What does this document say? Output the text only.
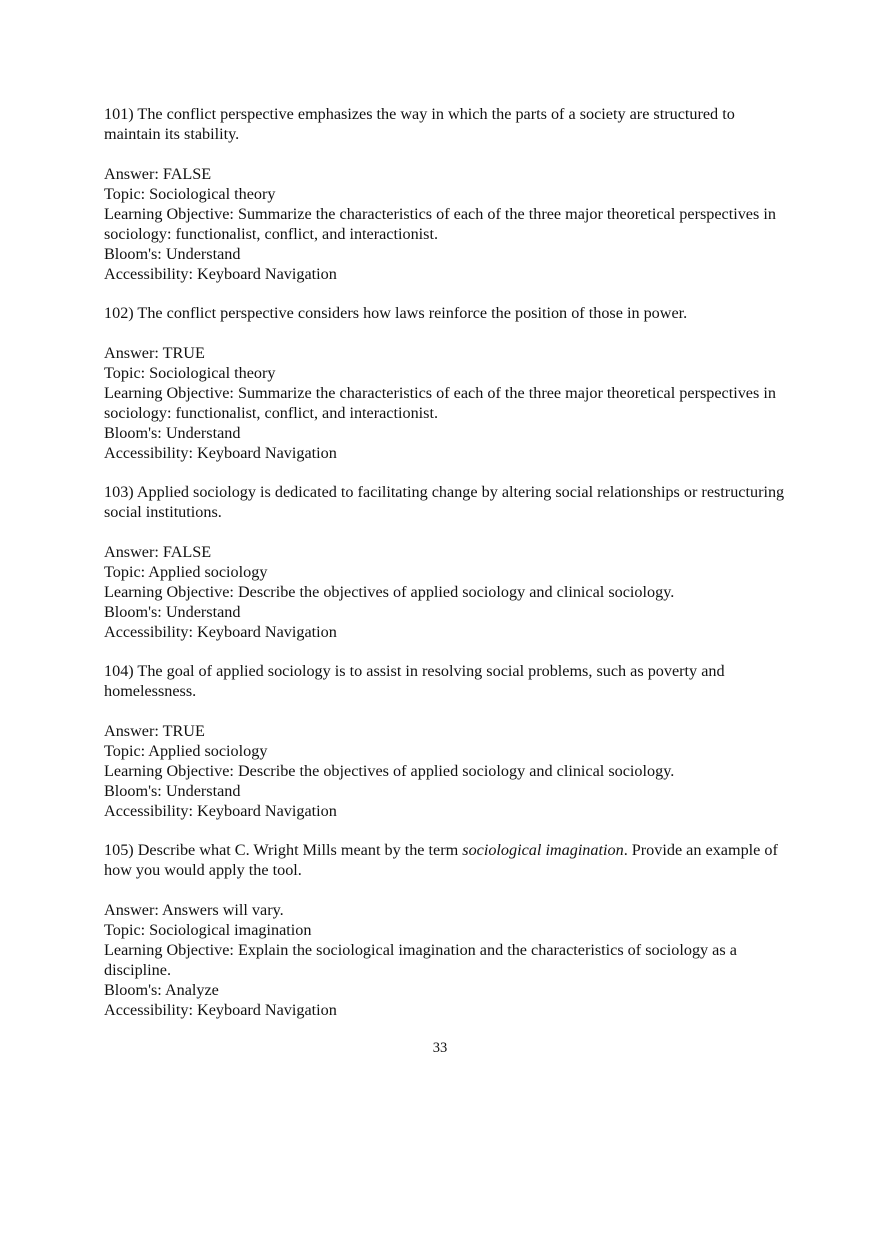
101) The conflict perspective emphasizes the way in which the parts of a society are structured to maintain its stability.

Answer: FALSE
Topic: Sociological theory
Learning Objective: Summarize the characteristics of each of the three major theoretical perspectives in sociology: functionalist, conflict, and interactionist.
Bloom's: Understand
Accessibility: Keyboard Navigation

102) The conflict perspective considers how laws reinforce the position of those in power.

Answer: TRUE
Topic: Sociological theory
Learning Objective: Summarize the characteristics of each of the three major theoretical perspectives in sociology: functionalist, conflict, and interactionist.
Bloom's: Understand
Accessibility: Keyboard Navigation

103) Applied sociology is dedicated to facilitating change by altering social relationships or restructuring social institutions.

Answer: FALSE
Topic: Applied sociology
Learning Objective: Describe the objectives of applied sociology and clinical sociology.
Bloom's: Understand
Accessibility: Keyboard Navigation

104) The goal of applied sociology is to assist in resolving social problems, such as poverty and homelessness.

Answer: TRUE
Topic: Applied sociology
Learning Objective: Describe the objectives of applied sociology and clinical sociology.
Bloom's: Understand
Accessibility: Keyboard Navigation

105) Describe what C. Wright Mills meant by the term sociological imagination. Provide an example of how you would apply the tool.

Answer: Answers will vary.
Topic: Sociological imagination
Learning Objective: Explain the sociological imagination and the characteristics of sociology as a discipline.
Bloom's: Analyze
Accessibility: Keyboard Navigation
33
